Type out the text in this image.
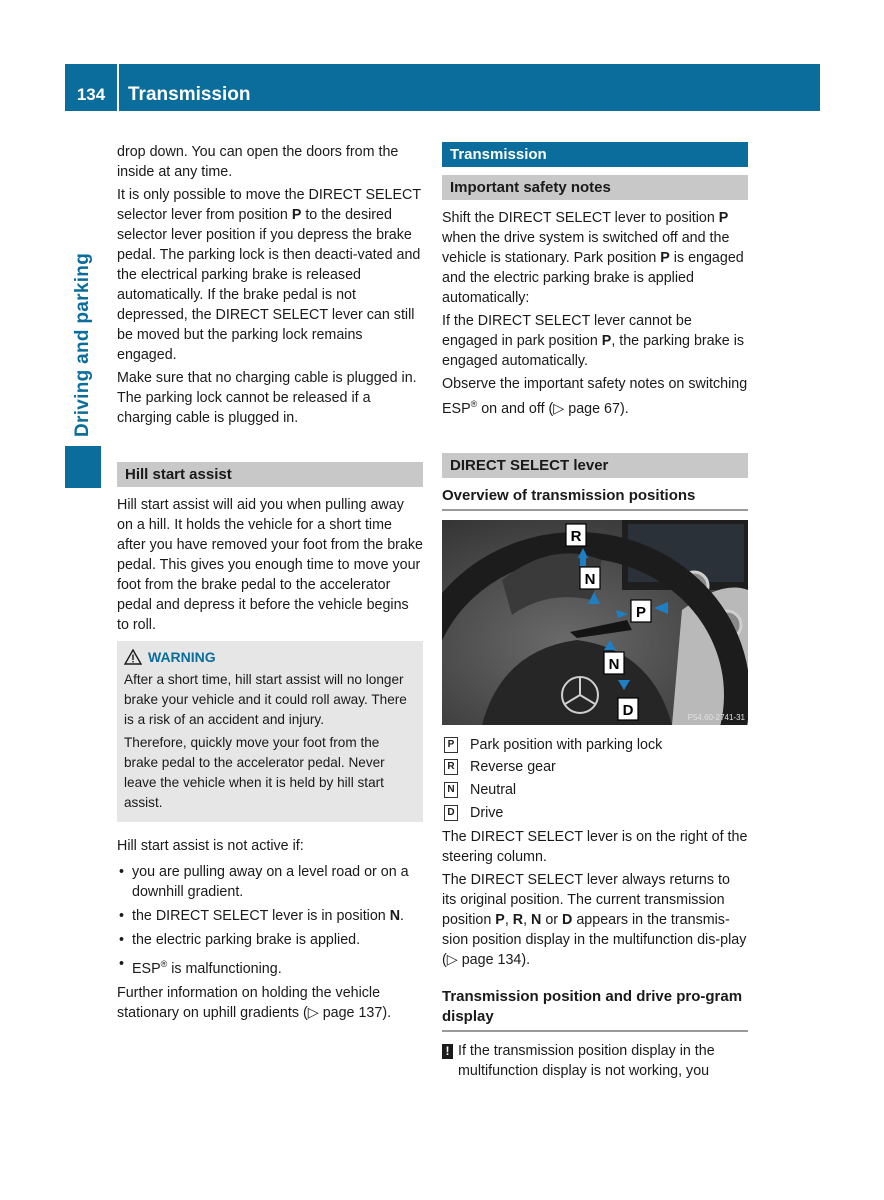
134	Transmission
Driving and parking

drop down. You can open the doors from the inside at any time.

It is only possible to move the DIRECT SELECT selector lever from position P to the desired selector lever position if you depress the brake pedal. The parking lock is then deacti-vated and the electrical parking brake is released automatically. If the brake pedal is not depressed, the DIRECT SELECT lever can still be moved but the parking lock remains engaged.

Make sure that no charging cable is plugged in. The parking lock cannot be released if a charging cable is plugged in.

Hill start assist

Hill start assist will aid you when pulling away on a hill. It holds the vehicle for a short time after you have removed your foot from the brake pedal. This gives you enough time to move your foot from the brake pedal to the accelerator pedal and depress it before the vehicle begins to roll.

WARNING

After a short time, hill start assist will no longer brake your vehicle and it could roll away. There is a risk of an accident and injury.

Therefore, quickly move your foot from the brake pedal to the accelerator pedal. Never leave the vehicle when it is held by hill start assist.

Hill start assist is not active if:

• you are pulling away on a level road or on a downhill gradient.
• the DIRECT SELECT lever is in position N.
• the electric parking brake is applied.
• ESP® is malfunctioning.

Further information on holding the vehicle stationary on uphill gradients (▷ page 137).

Transmission
Important safety notes

Shift the DIRECT SELECT lever to position P when the drive system is switched off and the vehicle is stationary. Park position P is engaged and the electric parking brake is applied automatically:

If the DIRECT SELECT lever cannot be engaged in park position P, the parking brake is engaged automatically.

Observe the important safety notes on switching ESP® on and off (▷ page 67).

DIRECT SELECT lever
Overview of transmission positions
R
N
P
N
D	P54.60-2741-31
P Park position with parking lock
R Reverse gear
N Neutral
D Drive

The DIRECT SELECT lever is on the right of the steering column.

The DIRECT SELECT lever always returns to its original position. The current transmission position P, R, N or D appears in the transmis-sion position display in the multifunction dis-play (▷ page 134).

Transmission position and drive pro-gram display
! If the transmission position display in the multifunction display is not working, you
